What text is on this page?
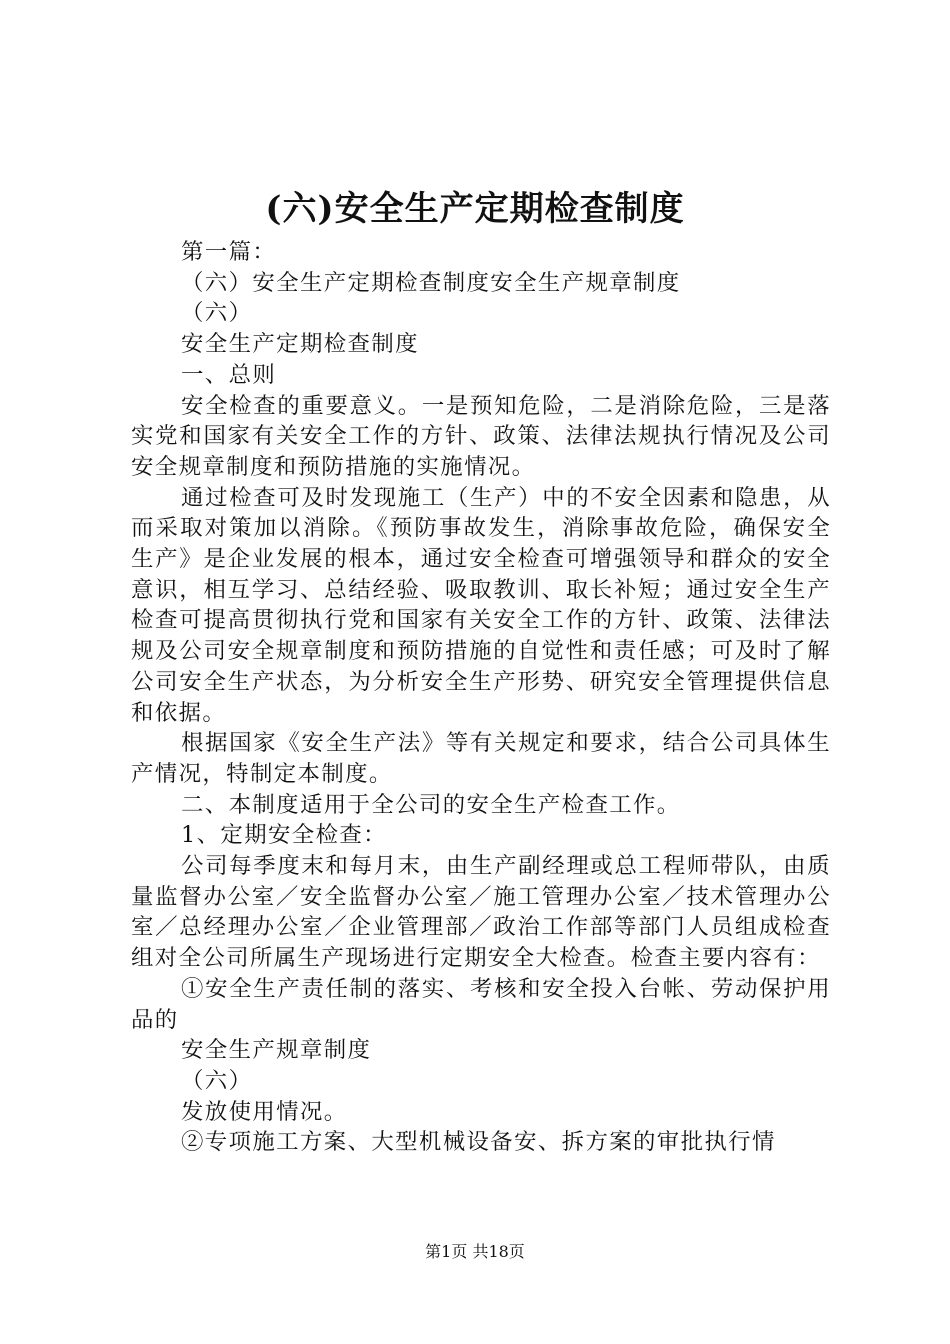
(六)安全生产定期检查制度

第一篇：

（六）安全生产定期检查制度安全生产规章制度

（六）

安全生产定期检查制度

一、总则

安全检查的重要意义。一是预知危险，二是消除危险，三是落实党和国家有关安全工作的方针、政策、法律法规执行情况及公司安全规章制度和预防措施的实施情况。

通过检查可及时发现施工（生产）中的不安全因素和隐患，从而采取对策加以消除。《预防事故发生，消除事故危险，确保安全生产》是企业发展的根本，通过安全检查可增强领导和群众的安全意识，相互学习、总结经验、吸取教训、取长补短；通过安全生产检查可提高贯彻执行党和国家有关安全工作的方针、政策、法律法规及公司安全规章制度和预防措施的自觉性和责任感；可及时了解公司安全生产状态，为分析安全生产形势、研究安全管理提供信息和依据。

根据国家《安全生产法》等有关规定和要求，结合公司具体生产情况，特制定本制度。

二、本制度适用于全公司的安全生产检查工作。

1、定期安全检查：

公司每季度末和每月末，由生产副经理或总工程师带队，由质量监督办公室／安全监督办公室／施工管理办公室／技术管理办公室／总经理办公室／企业管理部／政治工作部等部门人员组成检查组对全公司所属生产现场进行定期安全大检查。检查主要内容有：

①安全生产责任制的落实、考核和安全投入台帐、劳动保护用品的

安全生产规章制度

（六）

发放使用情况。

②专项施工方案、大型机械设备安、拆方案的审批执行情

第1页 共18页
